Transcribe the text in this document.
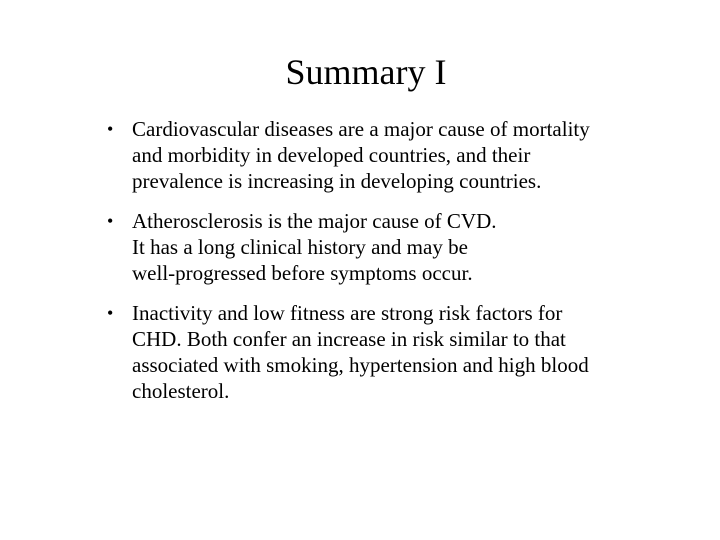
Summary I
• Cardiovascular diseases are a major cause of mortality
and morbidity in developed countries, and their
prevalence is increasing in developing countries.
• Atherosclerosis is the major cause of CVD.
It has a long clinical history and may be
well-progressed before symptoms occur.
• Inactivity and low fitness are strong risk factors for
CHD. Both confer an increase in risk similar to that
associated with smoking, hypertension and high blood
cholesterol.
